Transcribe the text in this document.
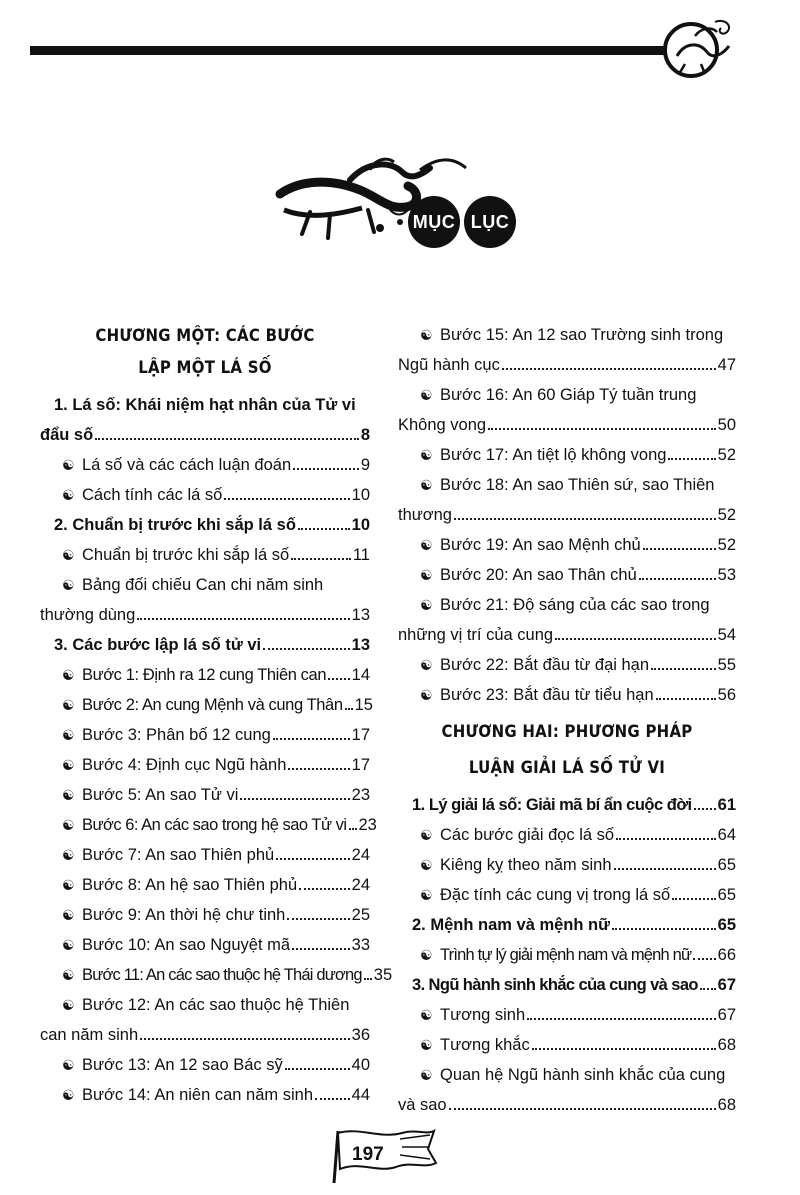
MỤC LỤC
CHƯƠNG MỘT: CÁC BƯỚC
LẬP MỘT LÁ SỐ
1. Lá số: Khái niệm hạt nhân của Tử vi
đẩu số	8
☯ Lá số và các cách luận đoán	9
☯ Cách tính các lá số	10
2. Chuẩn bị trước khi sắp lá số	10
☯ Chuẩn bị trước khi sắp lá số	11
☯ Bảng đối chiếu Can chi năm sinh
thường dùng	13
3. Các bước lập lá số tử vi	13
☯ Bước 1: Định ra 12 cung Thiên can 14
☯ Bước 2: An cung Mệnh và cung Thân 15
☯ Bước 3: Phân bố 12 cung	17
☯ Bước 4: Định cục Ngũ hành	17
☯ Bước 5: An sao Tử vi	23
☯ Bước 6: An các sao trong hệ sao Tử vi 23
☯ Bước 7: An sao Thiên phủ	24
☯ Bước 8: An hệ sao Thiên phủ	24
☯ Bước 9: An thời hệ chư tinh	25
☯ Bước 10: An sao Nguyệt mã	33
☯ Bước 11: An các sao thuộc hệ Thái dương 35
☯ Bước 12: An các sao thuộc hệ Thiên
can năm sinh	36
☯ Bước 13: An 12 sao Bác sỹ	40
☯ Bước 14: An niên can năm sinh 44
☯ Bước 15: An 12 sao Trường sinh trong
Ngũ hành cục	47
☯ Bước 16: An 60 Giáp Tý tuần trung
Không vong	50
☯ Bước 17: An tiệt lộ không vong	52
☯ Bước 18: An sao Thiên sứ, sao Thiên
thương	52
☯ Bước 19: An sao Mệnh chủ	52
☯ Bước 20: An sao Thân chủ	53
☯ Bước 21: Độ sáng của các sao trong
những vị trí của cung	54
☯ Bước 22: Bắt đầu từ đại hạn	55
☯ Bước 23: Bắt đầu từ tiểu hạn	56
CHƯƠNG HAI: PHƯƠNG PHÁP
LUẬN GIẢI LÁ SỐ TỬ VI
1. Lý giải lá số: Giải mã bí ẩn cuộc đời 61
☯ Các bước giải đọc lá số	64
☯ Kiêng kỵ theo năm sinh	65
☯ Đặc tính các cung vị trong lá số	65
2. Mệnh nam và mệnh nữ	65
☯ Trình tự lý giải mệnh nam và mệnh nữ 66
3. Ngũ hành sinh khắc của cung và sao 67
☯ Tương sinh	67
☯ Tương khắc	68
☯ Quan hệ Ngũ hành sinh khắc của cung
và sao	68
197
